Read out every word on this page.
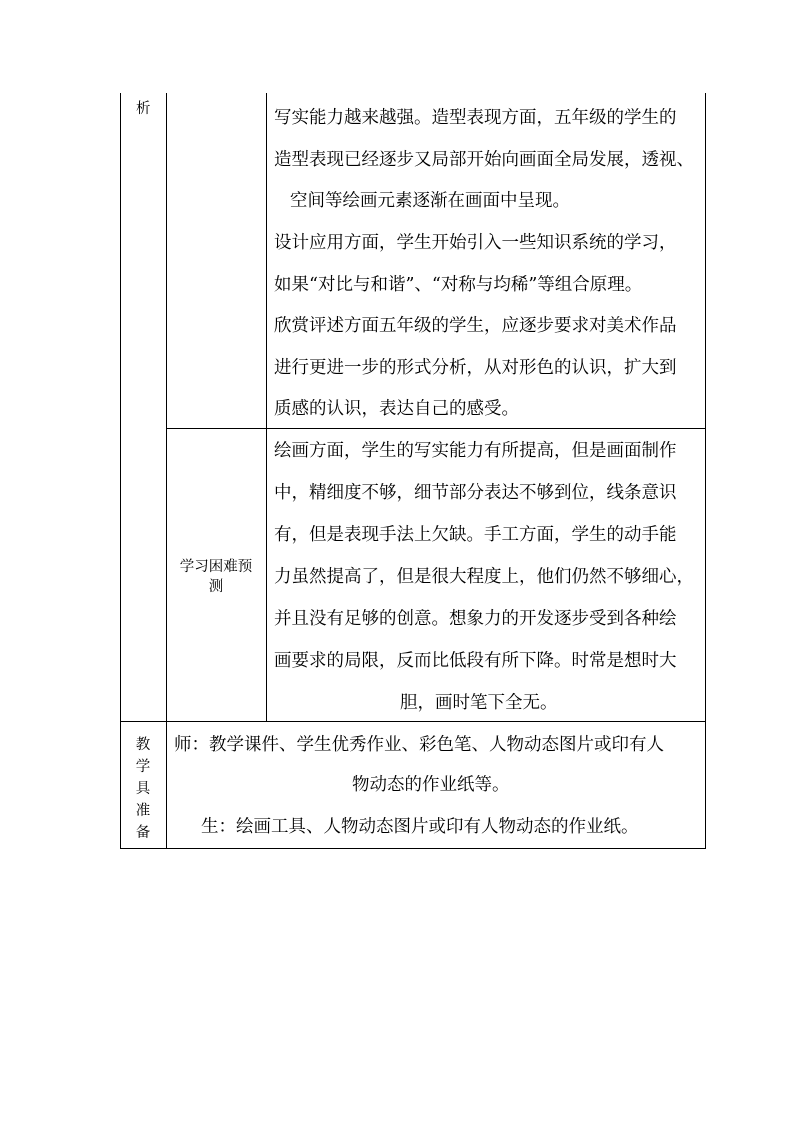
析	写实能力越来越强。造型表现方面，五年级的学生的
造型表现已经逐步又局部开始向画面全局发展，透视、
空间等绘画元素逐渐在画面中呈现。
设计应用方面，学生开始引入一些知识系统的学习，
如果“对比与和谐”、“对称与均稀”等组合原理。
欣赏评述方面五年级的学生，应逐步要求对美术作品
进行更进一步的形式分析，从对形色的认识，扩大到
质感的认识，表达自己的感受。
学习困难预
测
绘画方面，学生的写实能力有所提高，但是画面制作
中，精细度不够，细节部分表达不够到位，线条意识
有，但是表现手法上欠缺。手工方面，学生的动手能
力虽然提高了，但是很大程度上，他们仍然不够细心，
并且没有足够的创意。想象力的开发逐步受到各种绘
画要求的局限，反而比低段有所下降。时常是想时大
胆，画时笔下全无。
教
学
具
准
备
师：教学课件、学生优秀作业、彩色笔、人物动态图片或印有人
物动态的作业纸等。
生：绘画工具、人物动态图片或印有人物动态的作业纸。
